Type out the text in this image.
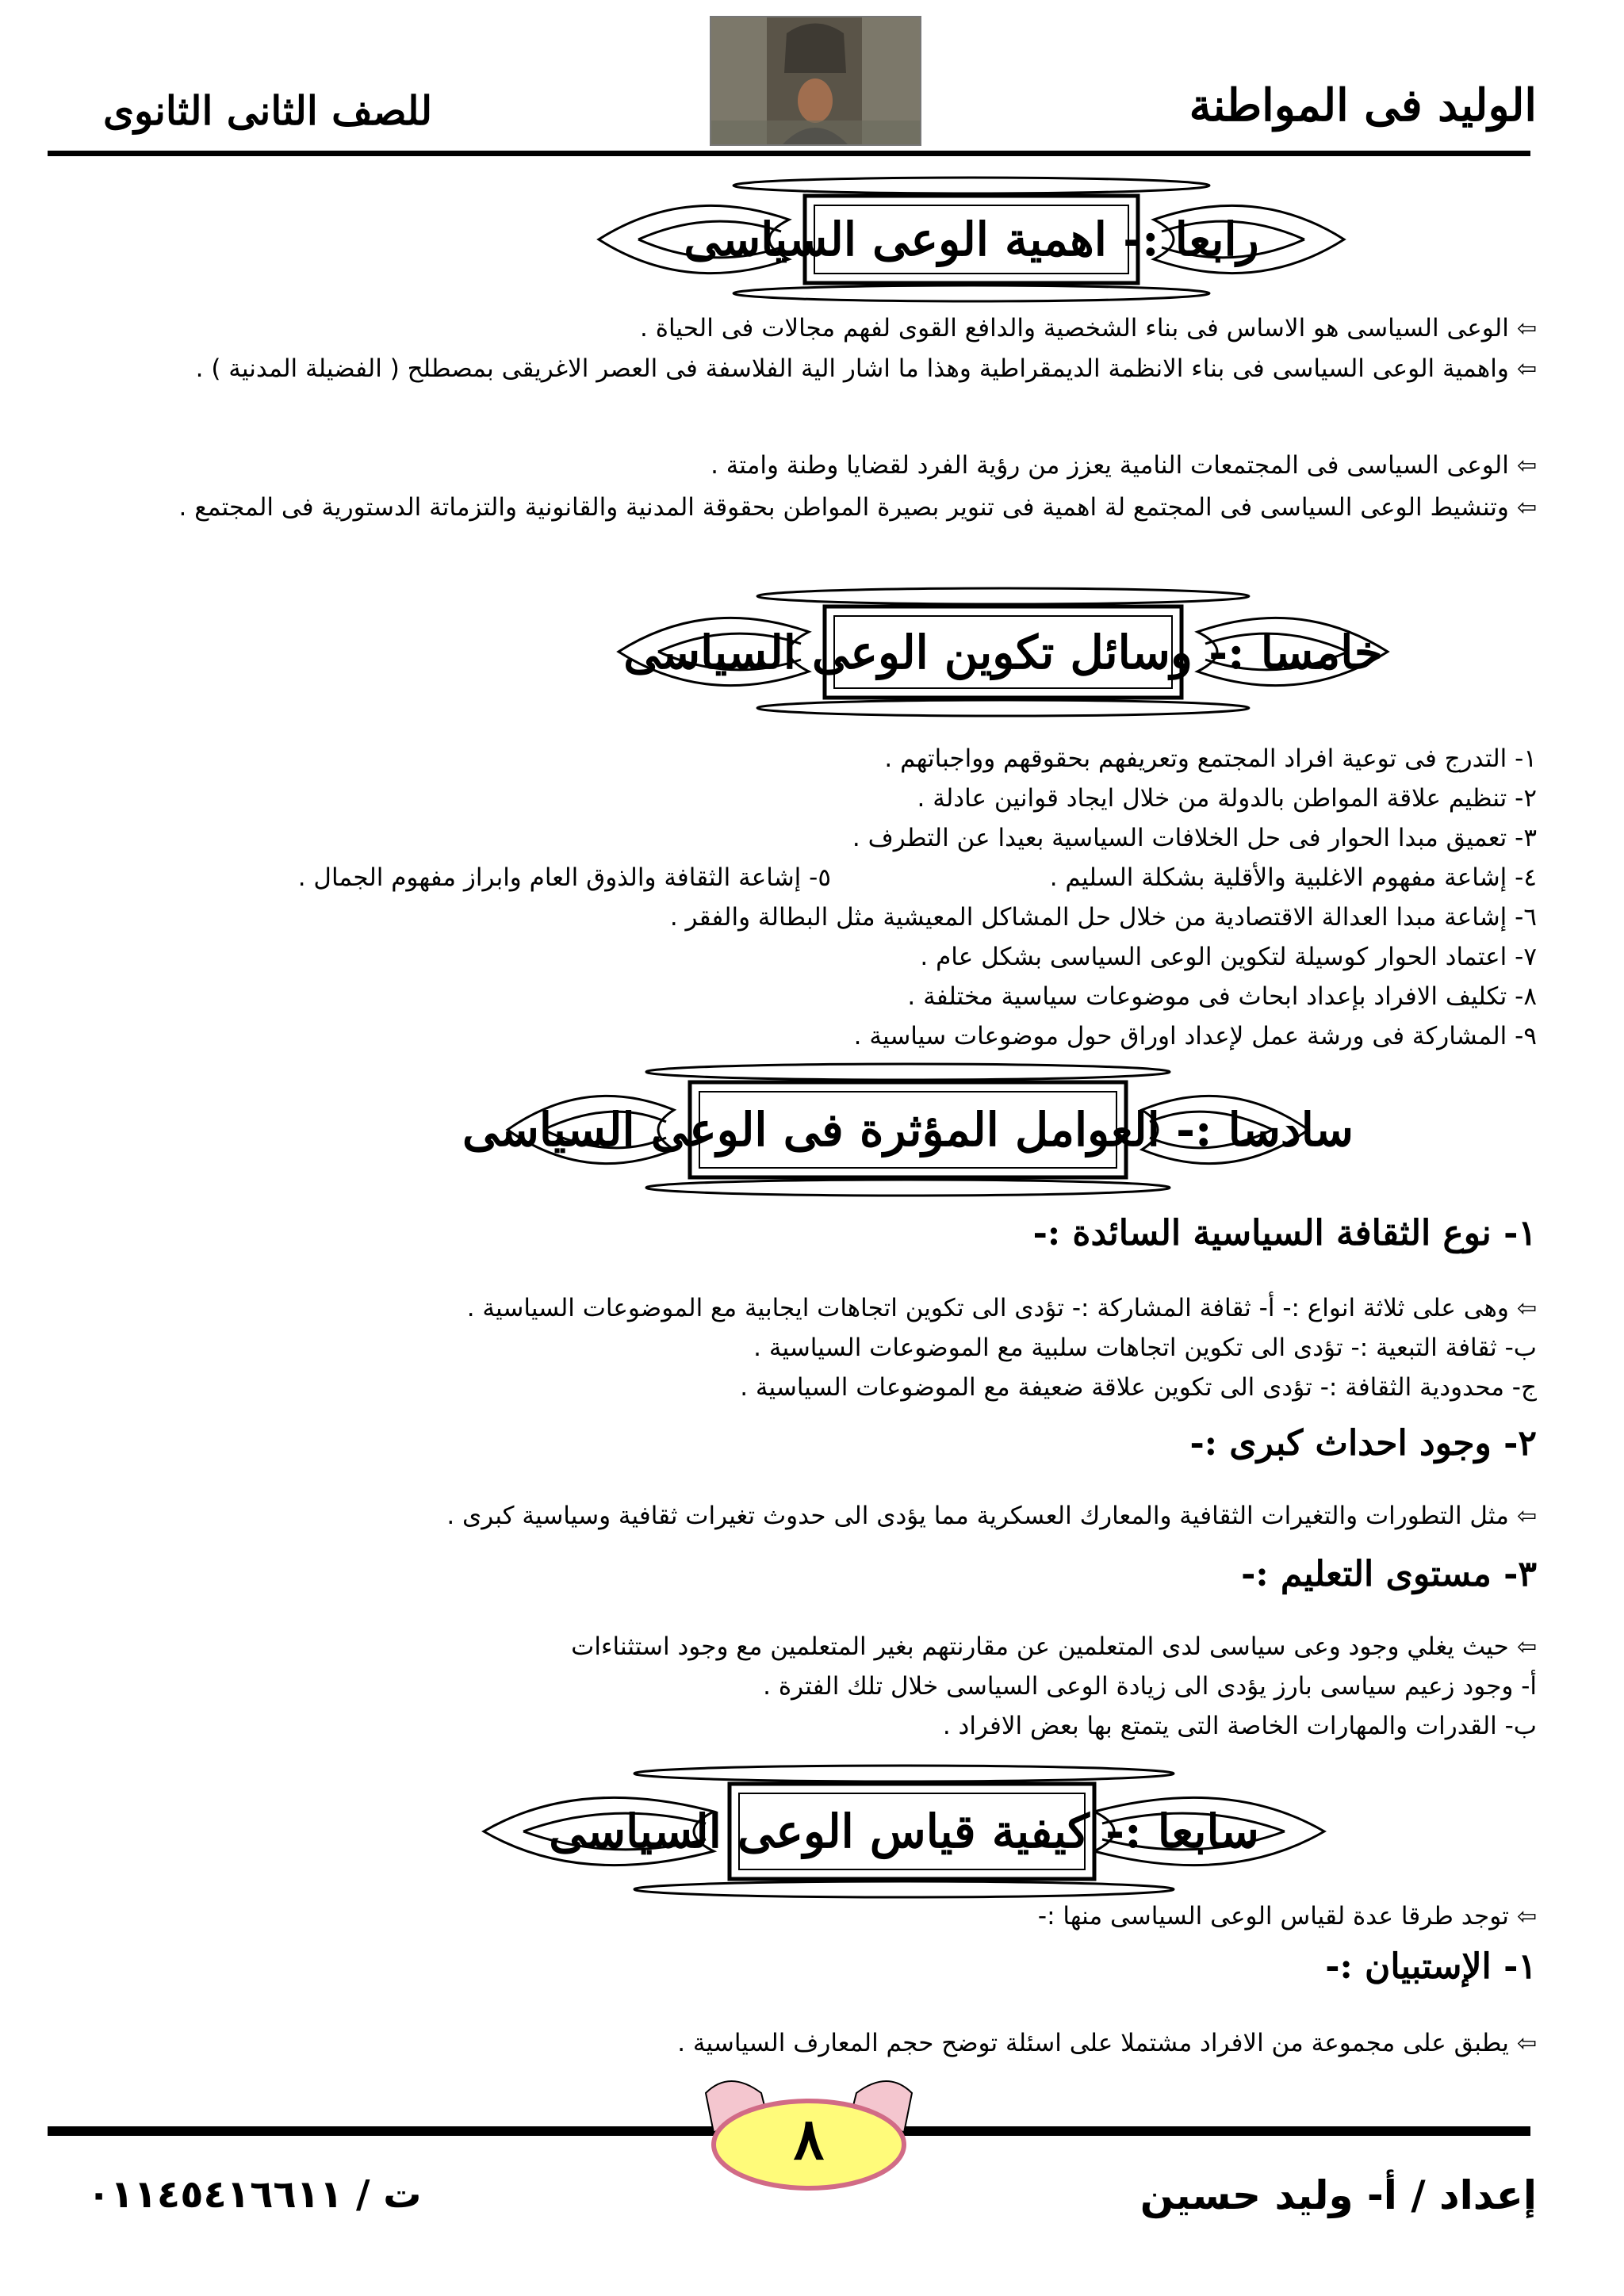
الوليد فى المواطنة
للصف الثانى الثانوى
رابعا :- اهمية الوعى السياسى
⇦الوعى السياسى هو الاساس فى بناء الشخصية والدافع القوى لفهم مجالات فى الحياة .
⇦واهمية الوعى السياسى فى بناء الانظمة الديمقراطية وهذا ما اشار الية الفلاسفة فى العصر الاغريقى بمصطلح ( الفضيلة المدنية ) .
⇦الوعى السياسى فى المجتمعات النامية يعزز من رؤية الفرد لقضايا وطنة وامتة .
⇦وتنشيط الوعى السياسى فى المجتمع لة اهمية فى تنوير بصيرة المواطن بحقوقة المدنية والقانونية والتزماتة الدستورية فى المجتمع .
خامسا :- وسائل تكوين الوعى السياسى
١- التدرج فى توعية افراد المجتمع وتعريفهم بحقوقهم وواجباتهم .
٢- تنظيم علاقة المواطن بالدولة من خلال ايجاد قوانين عادلة .
٣- تعميق مبدا الحوار فى حل الخلافات السياسية بعيدا عن التطرف .
٤- إشاعة مفهوم الاغلبية والأقلية بشكلة السليم .
٥- إشاعة الثقافة والذوق العام وابراز مفهوم الجمال .
٦- إشاعة مبدا العدالة الاقتصادية من خلال حل المشاكل المعيشية مثل البطالة والفقر .
٧- اعتماد الحوار كوسيلة لتكوين الوعى السياسى بشكل عام .
٨- تكليف الافراد بإعداد ابحاث فى موضوعات سياسية مختلفة .
٩- المشاركة فى ورشة عمل لإعداد اوراق حول موضوعات سياسية .
سادسا :- العوامل المؤثرة فى الوعى السياسى
١- نوع الثقافة السياسية السائدة :-
⇦وهى على ثلاثة انواع :- أ- ثقافة المشاركة :- تؤدى الى تكوين اتجاهات ايجابية مع الموضوعات السياسية .
ب- ثقافة التبعية :- تؤدى الى تكوين اتجاهات سلبية مع الموضوعات السياسية .
ج- محدودية الثقافة :- تؤدى الى تكوين علاقة ضعيفة مع الموضوعات السياسية .
٢- وجود احداث كبرى :-
⇦مثل التطورات والتغيرات الثقافية والمعارك العسكرية مما يؤدى الى حدوث تغيرات ثقافية وسياسية كبرى .
٣- مستوى التعليم :-
⇦حيث يغلي وجود وعى سياسى لدى المتعلمين عن مقارنتهم بغير المتعلمين مع وجود استثناءات
أ- وجود زعيم سياسى بارز يؤدى الى زيادة الوعى السياسى خلال تلك الفترة .
ب- القدرات والمهارات الخاصة التى يتمتع بها بعض الافراد .
سابعا :- كيفية قياس الوعى السياسى
⇦توجد طرقا عدة لقياس الوعى السياسى منها :-
١- الإستبيان :-
⇦يطبق على مجموعة من الافراد مشتملا على اسئلة توضح حجم المعارف السياسية .
٨
إعداد / أ- وليد حسين
ت / ٠١١٤٥٤١٦٦١١
